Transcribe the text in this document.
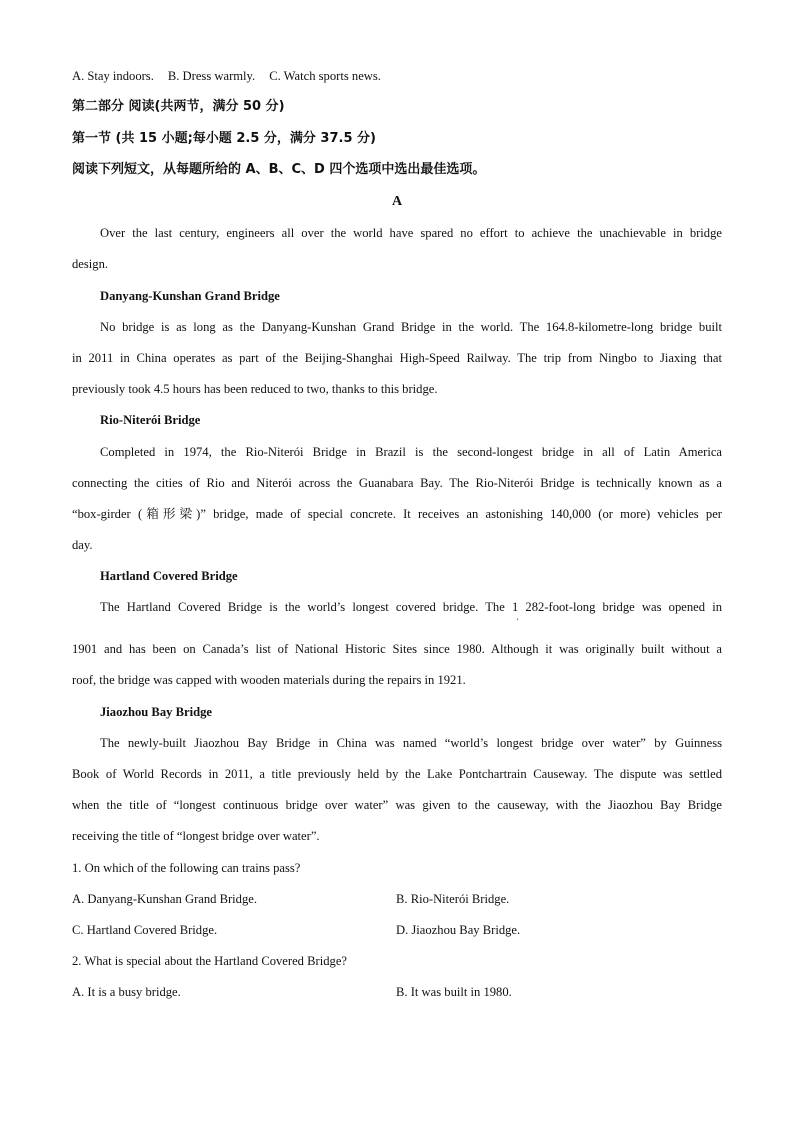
A. Stay indoors. B. Dress warmly. C. Watch sports news.
第二部分 阅读(共两节，满分 50 分)
第一节 (共 15 小题;每小题 2.5 分，满分 37.5 分)
阅读下列短文，从每题所给的 A、B、C、D 四个选项中选出最佳选项。
A
Over the last century, engineers all over the world have spared no effort to achieve the unachievable in bridge
design.
Danyang-Kunshan Grand Bridge
No bridge is as long as the Danyang-Kunshan Grand Bridge in the world. The 164.8-kilometre-long bridge built
in 2011 in China operates as part of the Beijing-Shanghai High-Speed Railway. The trip from Ningbo to Jiaxing that
previously took 4.5 hours has been reduced to two, thanks to this bridge.
Rio-Niterói Bridge
Completed in 1974, the Rio-Niterói Bridge in Brazil is the second-longest bridge in all of Latin America
connecting the cities of Rio and Niterói across the Guanabara Bay. The Rio-Niterói Bridge is technically known as a
“box-girder (箱形梁)” bridge, made of special concrete. It receives an astonishing 140,000 (or more) vehicles per
day.
Hartland Covered Bridge
The Hartland Covered Bridge is the world’s longest covered bridge. The 1 282-foot-long bridge was opened in
'
1901 and has been on Canada’s list of National Historic Sites since 1980. Although it was originally built without a
roof, the bridge was capped with wooden materials during the repairs in 1921.
Jiaozhou Bay Bridge
The newly-built Jiaozhou Bay Bridge in China was named “world’s longest bridge over water” by Guinness
Book of World Records in 2011, a title previously held by the Lake Pontchartrain Causeway. The dispute was settled
when the title of “longest continuous bridge over water” was given to the causeway, with the Jiaozhou Bay Bridge
receiving the title of “longest bridge over water”.
1. On which of the following can trains pass?
A. Danyang-Kunshan Grand Bridge.	B. Rio-Niterói Bridge.
C. Hartland Covered Bridge.	D. Jiaozhou Bay Bridge.
2. What is special about the Hartland Covered Bridge?
A. It is a busy bridge.	B. It was built in 1980.
